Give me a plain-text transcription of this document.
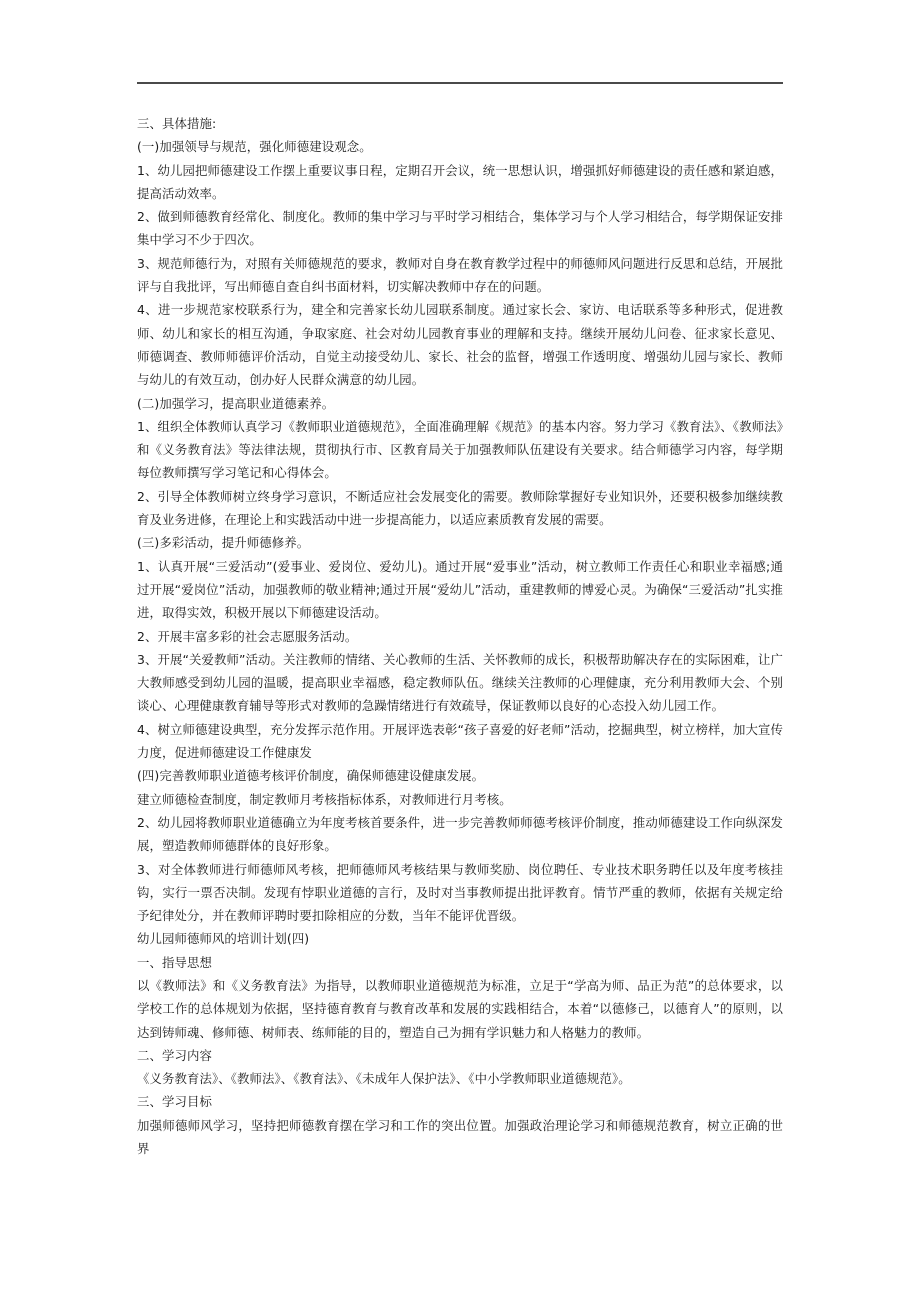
三、具体措施:

(一)加强领导与规范，强化师德建设观念。

1、幼儿园把师德建设工作摆上重要议事日程，定期召开会议，统一思想认识，增强抓好师德建设的责任感和紧迫感，提高活动效率。

2、做到师德教育经常化、制度化。教师的集中学习与平时学习相结合，集体学习与个人学习相结合，每学期保证安排集中学习不少于四次。

3、规范师德行为，对照有关师德规范的要求，教师对自身在教育教学过程中的师德师风问题进行反思和总结，开展批评与自我批评，写出师德自查自纠书面材料，切实解决教师中存在的问题。

4、进一步规范家校联系行为，建全和完善家长幼儿园联系制度。通过家长会、家访、电话联系等多种形式，促进教师、幼儿和家长的相互沟通，争取家庭、社会对幼儿园教育事业的理解和支持。继续开展幼儿问卷、征求家长意见、师德调查、教师师德评价活动，自觉主动接受幼儿、家长、社会的监督，增强工作透明度、增强幼儿园与家长、教师与幼儿的有效互动，创办好人民群众满意的幼儿园。

(二)加强学习，提高职业道德素养。

1、组织全体教师认真学习《教师职业道德规范》，全面准确理解《规范》的基本内容。努力学习《教育法》、《教师法》和《义务教育法》等法律法规，贯彻执行市、区教育局关于加强教师队伍建设有关要求。结合师德学习内容，每学期每位教师撰写学习笔记和心得体会。

2、引导全体教师树立终身学习意识，不断适应社会发展变化的需要。教师除掌握好专业知识外，还要积极参加继续教育及业务进修，在理论上和实践活动中进一步提高能力，以适应素质教育发展的需要。

(三)多彩活动，提升师德修养。

1、认真开展“三爱活动”(爱事业、爱岗位、爱幼儿)。通过开展“爱事业”活动，树立教师工作责任心和职业幸福感;通过开展“爱岗位”活动，加强教师的敬业精神;通过开展“爱幼儿”活动，重建教师的博爱心灵。为确保“三爱活动”扎实推进，取得实效，积极开展以下师德建设活动。

2、开展丰富多彩的社会志愿服务活动。

3、开展“关爱教师”活动。关注教师的情绪、关心教师的生活、关怀教师的成长，积极帮助解决存在的实际困难，让广大教师感受到幼儿园的温暖，提高职业幸福感，稳定教师队伍。继续关注教师的心理健康，充分利用教师大会、个别谈心、心理健康教育辅导等形式对教师的急躁情绪进行有效疏导，保证教师以良好的心态投入幼儿园工作。

4、树立师德建设典型，充分发挥示范作用。开展评选表彰“孩子喜爱的好老师”活动，挖掘典型，树立榜样，加大宣传力度，促进师德建设工作健康发

(四)完善教师职业道德考核评价制度，确保师德建设健康发展。

建立师德检查制度，制定教师月考核指标体系，对教师进行月考核。

2、幼儿园将教师职业道德确立为年度考核首要条件，进一步完善教师师德考核评价制度，推动师德建设工作向纵深发展，塑造教师师德群体的良好形象。

3、对全体教师进行师德师风考核，把师德师风考核结果与教师奖励、岗位聘任、专业技术职务聘任以及年度考核挂钩，实行一票否决制。发现有悖职业道德的言行，及时对当事教师提出批评教育。情节严重的教师，依据有关规定给予纪律处分，并在教师评聘时要扣除相应的分数，当年不能评优晋级。

幼儿园师德师风的培训计划(四)

一、指导思想

以《教师法》和《义务教育法》为指导，以教师职业道德规范为标准，立足于“学高为师、品正为范”的总体要求，以学校工作的总体规划为依据，坚持德育教育与教育改革和发展的实践相结合，本着“以德修己，以德育人”的原则，以达到铸师魂、修师德、树师表、练师能的目的，塑造自己为拥有学识魅力和人格魅力的教师。

二、学习内容

《义务教育法》、《教师法》、《教育法》、《未成年人保护法》、《中小学教师职业道德规范》。

三、学习目标

加强师德师风学习，坚持把师德教育摆在学习和工作的突出位置。加强政治理论学习和师德规范教育，树立正确的世界
